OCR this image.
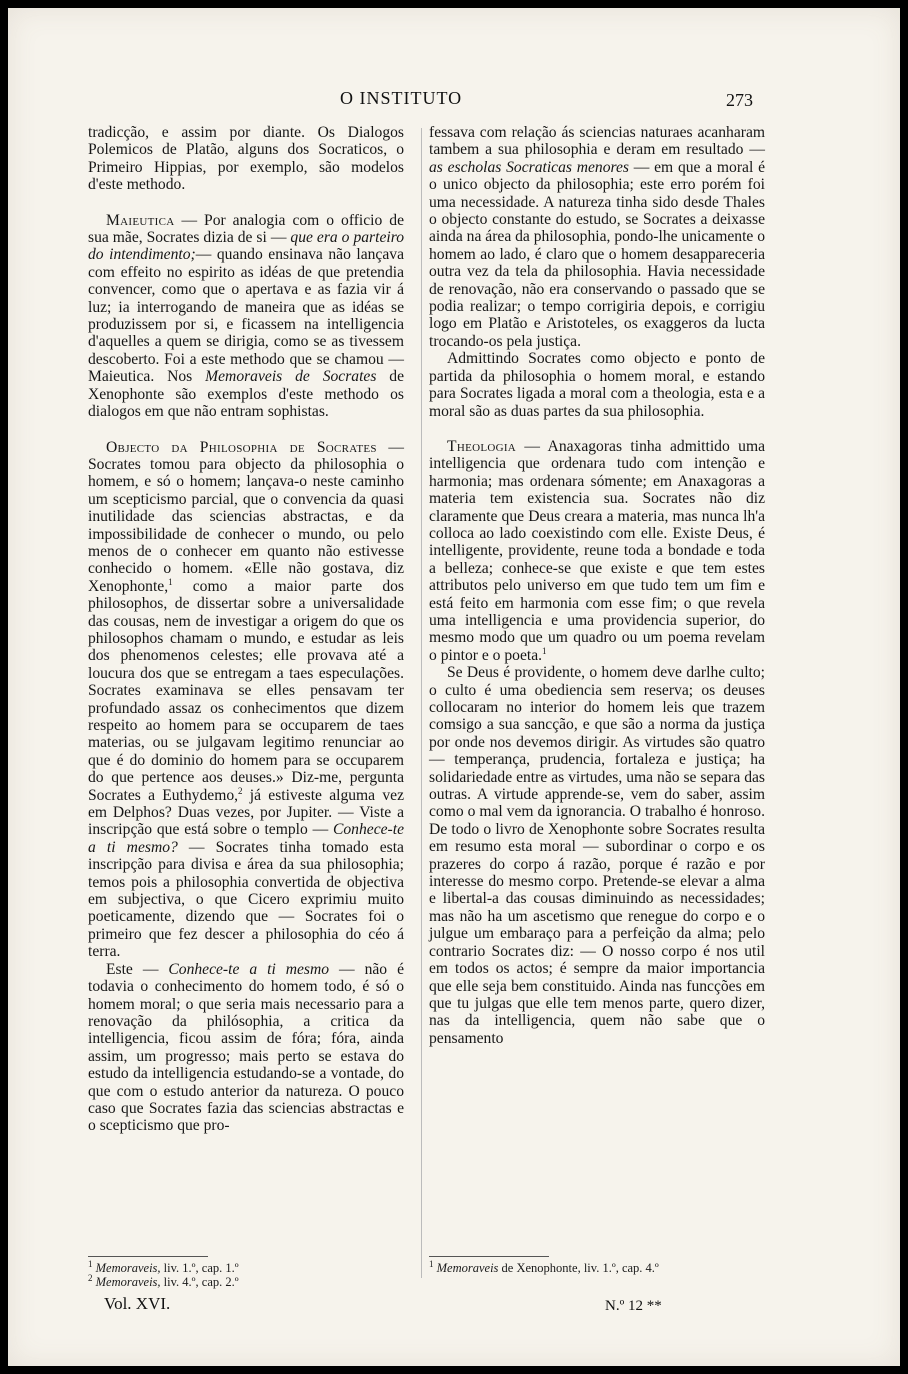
O INSTITUTO	273

tradicção, e assim por diante. Os Dialogos Polemicos de Platão, alguns dos Socraticos, o Primeiro Hippias, por exemplo, são modelos d'este methodo.

Maieutica — Por analogia com o officio de sua mãe, Socrates dizia de si — que era o parteiro do intendimento;— quando ensinava não lançava com effeito no espirito as idéas de que pretendia convencer, como que o apertava e as fazia vir á luz; ia interrogando de maneira que as idéas se produzissem por si, e ficassem na intelligencia d'aquelles a quem se dirigia, como se as tivessem descoberto. Foi a este methodo que se chamou — Maieutica. Nos Memoraveis de Socrates de Xenophonte são exemplos d'este methodo os dialogos em que não entram sophistas.

Objecto da Philosophia de Socrates — Socrates tomou para objecto da philosophia o homem, e só o homem; lançava-o neste caminho um scepticismo parcial, que o convencia da quasi inutilidade das sciencias abstractas, e da impossibilidade de conhecer o mundo, ou pelo menos de o conhecer em quanto não estivesse conhecido o homem. «Elle não gostava, diz Xenophonte,$^1$ como a maior parte dos philosophos, de dissertar sobre a universalidade das cousas, nem de investigar a origem do que os philosophos chamam o mundo, e estudar as leis dos phenomenos celestes; elle provava até a loucura dos que se entregam a taes especulações. Socrates examinava se elles pensavam ter profundado assaz os conhecimentos que dizem respeito ao homem para se occuparem de taes materias, ou se julgavam legitimo renunciar ao que é do dominio do homem para se occuparem do que pertence aos deuses.» Diz-me, pergunta Socrates a Euthydemo,$^2$ já estiveste alguma vez em Delphos? Duas vezes, por Jupiter. — Viste a inscripção que está sobre o templo — Conhece-te a ti mesmo? — Socrates tinha tomado esta inscripção para divisa e área da sua philosophia; temos pois a philosophia convertida de objectiva em subjectiva, o que Cicero exprimiu muito poeticamente, dizendo que — Socrates foi o primeiro que fez descer a philosophia do céo á terra.

Este — Conhece-te a ti mesmo — não é todavia o conhecimento do homem todo, é só o homem moral; o que seria mais necessario para a renovação da philósophia, a critica da intelligencia, ficou assim de fóra; fóra, ainda assim, um progresso; mais perto se estava do estudo da intelligencia estudando-se a vontade, do que com o estudo anterior da natureza. O pouco caso que Socrates fazia das sciencias abstractas e o scepticismo que pro-

fessava com relação ás sciencias naturaes acanharam tambem a sua philosophia e deram em resultado — as escholas Socraticas menores — em que a moral é o unico objecto da philosophia; este erro porém foi uma necessidade. A natureza tinha sido desde Thales o objecto constante do estudo, se Socrates a deixasse ainda na área da philosophia, pondo-lhe unicamente o homem ao lado, é claro que o homem desappareceria outra vez da tela da philosophia. Havia necessidade de renovação, não era conservando o passado que se podia realizar; o tempo corrigiria depois, e corrigiu logo em Platão e Aristoteles, os exaggeros da lucta trocando-os pela justiça.

Admittindo Socrates como objecto e ponto de partida da philosophia o homem moral, e estando para Socrates ligada a moral com a theologia, esta e a moral são as duas partes da sua philosophia.

Theologia — Anaxagoras tinha admittido uma intelligencia que ordenara tudo com intenção e harmonia; mas ordenara sómente; em Anaxagoras a materia tem existencia sua. Socrates não diz claramente que Deus creara a materia, mas nunca lh'a colloca ao lado coexistindo com elle. Existe Deus, é intelligente, providente, reune toda a bondade e toda a belleza; conhece-se que existe e que tem estes attributos pelo universo em que tudo tem um fim e está feito em harmonia com esse fim; o que revela uma intelligencia e uma providencia superior, do mesmo modo que um quadro ou um poema revelam o pintor e o poeta.$^1$

Se Deus é providente, o homem deve darlhe culto; o culto é uma obediencia sem reserva; os deuses collocaram no interior do homem leis que trazem comsigo a sua sancção, e que são a norma da justiça por onde nos devemos dirigir. As virtudes são quatro — temperança, prudencia, fortaleza e justiça; ha solidariedade entre as virtudes, uma não se separa das outras. A virtude apprende-se, vem do saber, assim como o mal vem da ignorancia. O trabalho é honroso. De todo o livro de Xenophonte sobre Socrates resulta em resumo esta moral — subordinar o corpo e os prazeres do corpo á razão, porque é razão e por interesse do mesmo corpo. Pretende-se elevar a alma e libertal-a das cousas diminuindo as necessidades; mas não ha um ascetismo que renegue do corpo e o julgue um embaraço para a perfeição da alma; pelo contrario Socrates diz: — O nosso corpo é nos util em todos os actos; é sempre da maior importancia que elle seja bem constituido. Ainda nas funcções em que tu julgas que elle tem menos parte, quero dizer, nas da intelligencia, quem não sabe que o pensamento

$^1$ Memoraveis, liv. 1.º, cap. 1.º
$^2$ Memoraveis, liv. 4.º, cap. 2.º
$^1$ Memoraveis de Xenophonte, liv. 1.º, cap. 4.º
Vol. XVI.	N.º 12 **
